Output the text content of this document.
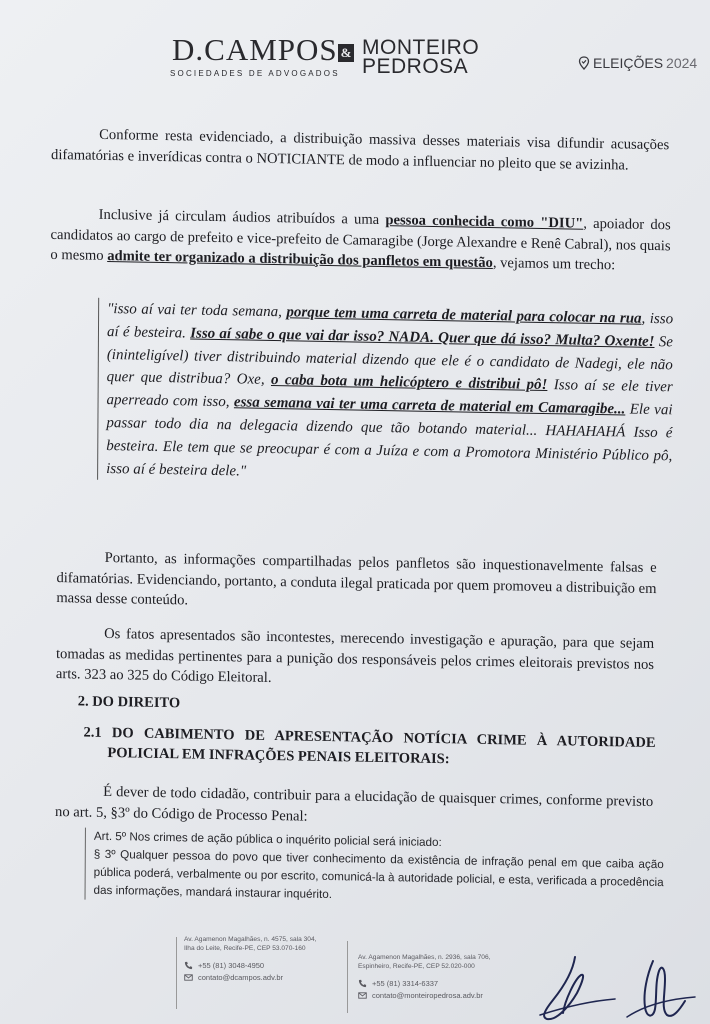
D.CAMPOS
SOCIEDADES DE ADVOGADOS
& MONTEIRO
PEDROSA	ELEIÇÕES 2024

Conforme resta evidenciado, a distribuição massiva desses materiais visa difundir acusações difamatórias e inverídicas contra o NOTICIANTE de modo a influenciar no pleito que se avizinha.

Inclusive já circulam áudios atribuídos a uma pessoa conhecida como "DIU", apoiador dos candidatos ao cargo de prefeito e vice-prefeito de Camaragibe (Jorge Alexandre e Renê Cabral), nos quais o mesmo admite ter organizado a distribuição dos panfletos em questão, vejamos um trecho:

"isso aí vai ter toda semana, porque tem uma carreta de material para colocar na rua, isso aí é besteira. Isso aí sabe o que vai dar isso? NADA. Quer que dá isso? Multa? Oxente! Se (ininteligível) tiver distribuindo material dizendo que ele é o candidato de Nadegi, ele não quer que distribua? Oxe, o caba bota um helicóptero e distribui pô! Isso aí se ele tiver aperreado com isso, essa semana vai ter uma carreta de material em Camaragibe... Ele vai passar todo dia na delegacia dizendo que tão botando material... HAHAHAHÁ Isso é besteira. Ele tem que se preocupar é com a Juíza e com a Promotora Ministério Público pô, isso aí é besteira dele."

Portanto, as informações compartilhadas pelos panfletos são inquestionavelmente falsas e difamatórias. Evidenciando, portanto, a conduta ilegal praticada por quem promoveu a distribuição em massa desse conteúdo.

Os fatos apresentados são incontestes, merecendo investigação e apuração, para que sejam tomadas as medidas pertinentes para a punição dos responsáveis pelos crimes eleitorais previstos nos arts. 323 ao 325 do Código Eleitoral.

2. DO DIREITO
2.1 DO CABIMENTO DE APRESENTAÇÃO NOTÍCIA CRIME À AUTORIDADE
POLICIAL EM INFRAÇÕES PENAIS ELEITORAIS:

É dever de todo cidadão, contribuir para a elucidação de quaisquer crimes, conforme previsto no art. 5, §3º do Código de Processo Penal:

Art. 5º Nos crimes de ação pública o inquérito policial será iniciado:
§ 3º Qualquer pessoa do povo que tiver conhecimento da existência de infração penal em que caiba ação pública poderá, verbalmente ou por escrito, comunicá-la à autoridade policial, e esta, verificada a procedência das informações, mandará instaurar inquérito.
Av. Agamenon Magalhães, n. 4575, sala 304,
Ilha do Leite, Recife-PE, CEP 53.070-160
+55 (81) 3048-4950
contato@dcampos.adv.br
Av. Agamenon Magalhães, n. 2936, sala 706,
Espinheiro, Recife-PE, CEP 52.020-000
+55 (81) 3314-6337
contato@monteiropedrosa.adv.br
